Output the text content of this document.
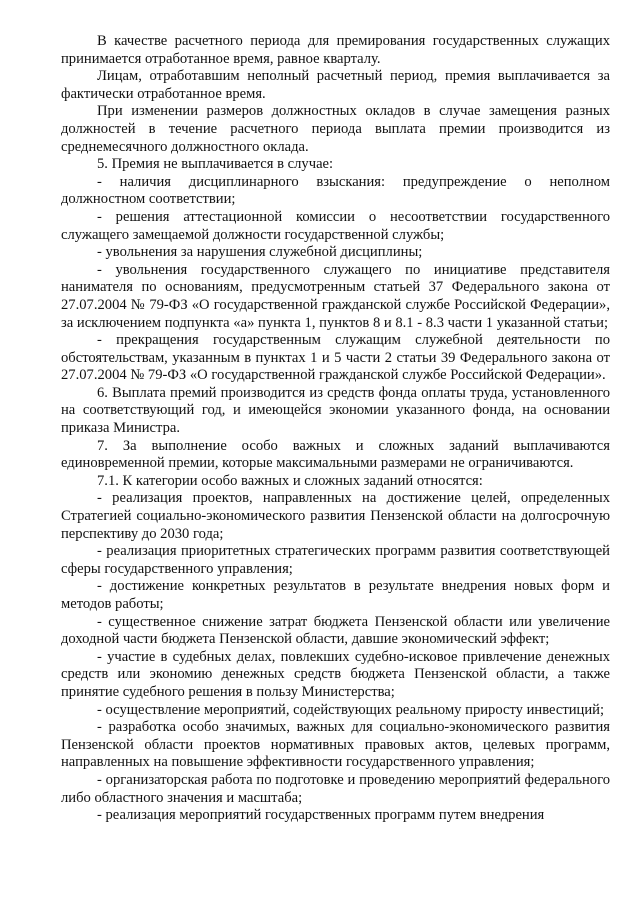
В качестве расчетного периода для премирования государственных служащих принимается отработанное время, равное кварталу.

Лицам, отработавшим неполный расчетный период, премия выплачивается за фактически отработанное время.

При изменении размеров должностных окладов в случае замещения разных должностей в течение расчетного периода выплата премии производится из среднемесячного должностного оклада.

5. Премия не выплачивается в случае:

- наличия дисциплинарного взыскания: предупреждение о неполном должностном соответствии;

- решения аттестационной комиссии о несоответствии государственного служащего замещаемой должности государственной службы;

- увольнения за нарушения служебной дисциплины;

- увольнения государственного служащего по инициативе представителя нанимателя по основаниям, предусмотренным статьей 37 Федерального закона от 27.07.2004 № 79-ФЗ «О государственной гражданской службе Российской Федерации», за исключением подпункта «а» пункта 1, пунктов 8 и 8.1 - 8.3 части 1 указанной статьи;

- прекращения государственным служащим служебной деятельности по обстоятельствам, указанным в пунктах 1 и 5 части 2 статьи 39 Федерального закона от 27.07.2004 № 79-ФЗ «О государственной гражданской службе Российской Федерации».

6. Выплата премий производится из средств фонда оплаты труда, установленного на соответствующий год, и имеющейся экономии указанного фонда, на основании приказа Министра.

7. За выполнение особо важных и сложных заданий выплачиваются единовременной премии, которые максимальными размерами не ограничиваются.

7.1. К категории особо важных и сложных заданий относятся:

- реализация проектов, направленных на достижение целей, определенных Стратегией социально-экономического развития Пензенской области на долгосрочную перспективу до 2030 года;

- реализация приоритетных стратегических программ развития соответствующей сферы государственного управления;

- достижение конкретных результатов в результате внедрения новых форм и методов работы;

- существенное снижение затрат бюджета Пензенской области или увеличение доходной части бюджета Пензенской области, давшие экономический эффект;

- участие в судебных делах, повлекших судебно-исковое привлечение денежных средств или экономию денежных средств бюджета Пензенской области, а также принятие судебного решения в пользу Министерства;

- осуществление мероприятий, содействующих реальному приросту инвестиций;

- разработка особо значимых, важных для социально-экономического развития Пензенской области проектов нормативных правовых актов, целевых программ, направленных на повышение эффективности государственного управления;

- организаторская работа по подготовке и проведению мероприятий федерального либо областного значения и масштаба;

- реализация мероприятий государственных программ путем внедрения
